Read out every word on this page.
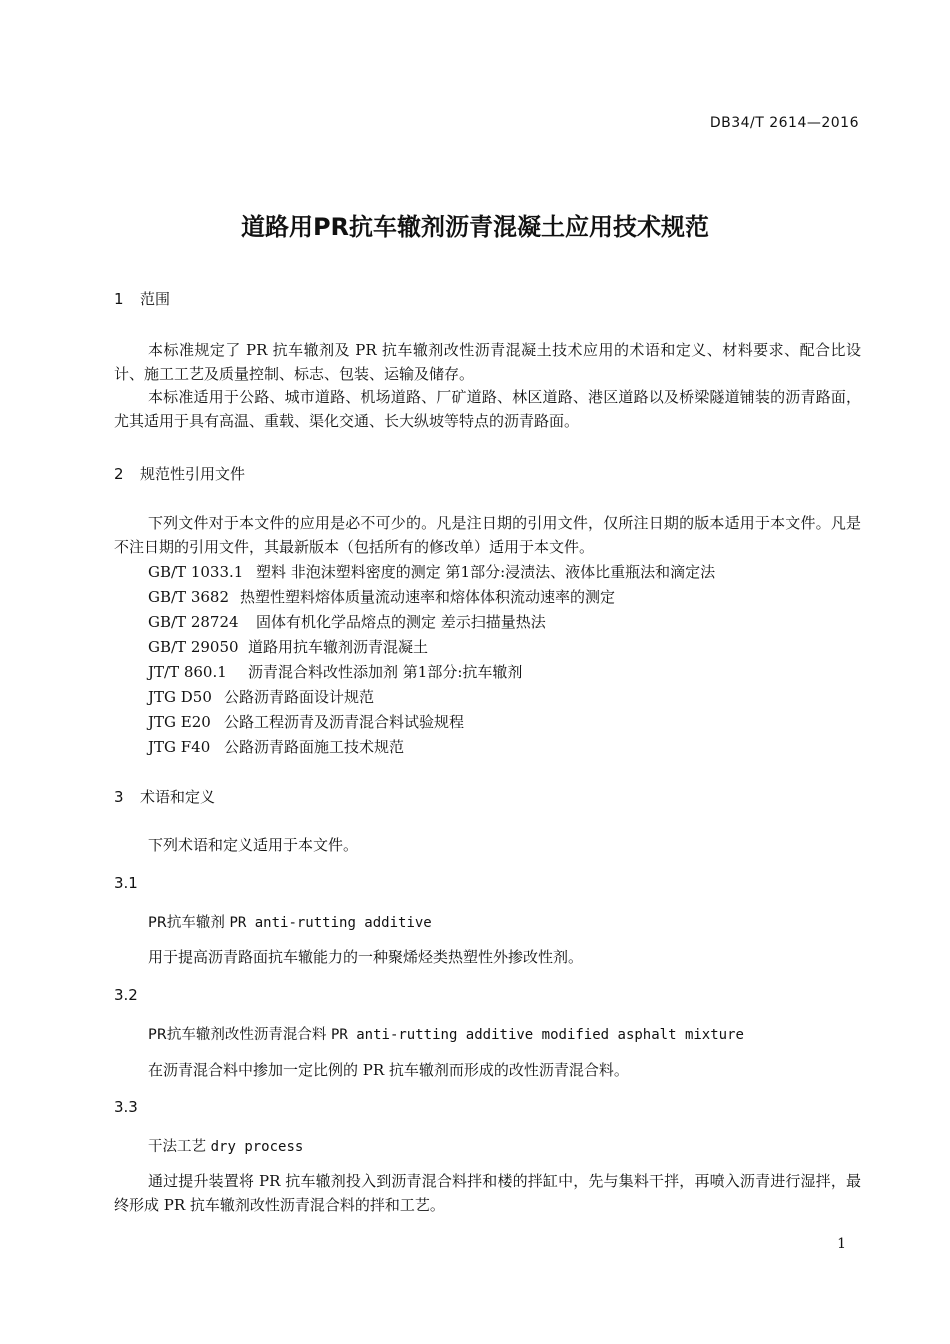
DB34/T 2614—2016
道路用PR抗车辙剂沥青混凝土应用技术规范
1 范围

本标准规定了 PR 抗车辙剂及 PR 抗车辙剂改性沥青混凝土技术应用的术语和定义、材料要求、配合比设计、施工工艺及质量控制、标志、包装、运输及储存。

本标准适用于公路、城市道路、机场道路、厂矿道路、林区道路、港区道路以及桥梁隧道铺装的沥青路面，尤其适用于具有高温、重载、渠化交通、长大纵坡等特点的沥青路面。

2 规范性引用文件

下列文件对于本文件的应用是必不可少的。凡是注日期的引用文件，仅所注日期的版本适用于本文件。凡是不注日期的引用文件，其最新版本（包括所有的修改单）适用于本文件。

GB/T 1033.1 塑料 非泡沫塑料密度的测定 第1部分:浸渍法、液体比重瓶法和滴定法
GB/T 3682 热塑性塑料熔体质量流动速率和熔体体积流动速率的测定
GB/T 28724 固体有机化学品熔点的测定 差示扫描量热法
GB/T 29050 道路用抗车辙剂沥青混凝土
JT/T 860.1 沥青混合料改性添加剂 第1部分:抗车辙剂
JTG D50 公路沥青路面设计规范
JTG E20 公路工程沥青及沥青混合料试验规程
JTG F40 公路沥青路面施工技术规范
3 术语和定义

下列术语和定义适用于本文件。

3.1
PR抗车辙剂 PR anti-rutting additive
用于提高沥青路面抗车辙能力的一种聚烯烃类热塑性外掺改性剂。
3.2
PR抗车辙剂改性沥青混合料 PR anti-rutting additive modified asphalt mixture
在沥青混合料中掺加一定比例的 PR 抗车辙剂而形成的改性沥青混合料。
3.3
干法工艺 dry process

通过提升装置将 PR 抗车辙剂投入到沥青混合料拌和楼的拌缸中，先与集料干拌，再喷入沥青进行湿拌，最终形成 PR 抗车辙剂改性沥青混合料的拌和工艺。

1
